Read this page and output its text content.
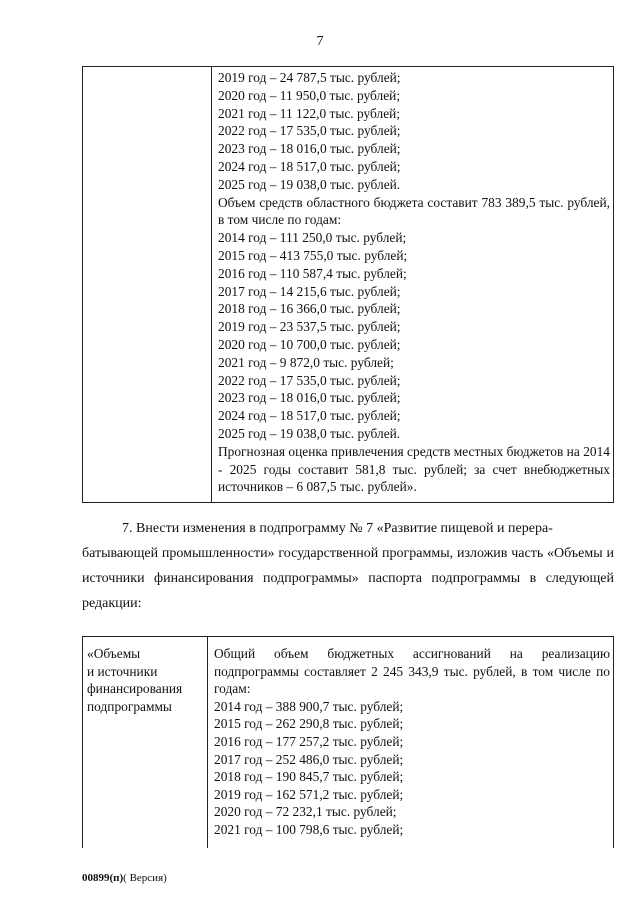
7
2019 год – 24 787,5 тыс. рублей;
2020 год – 11 950,0 тыс. рублей;
2021 год – 11 122,0 тыс. рублей;
2022 год – 17 535,0 тыс. рублей;
2023 год – 18 016,0 тыс. рублей;
2024 год – 18 517,0 тыс. рублей;
2025 год – 19 038,0 тыс. рублей.
Объем средств областного бюджета составит 783 389,5 тыс. рублей, в том числе по годам:
2014 год – 111 250,0 тыс. рублей;
2015 год – 413 755,0 тыс. рублей;
2016 год – 110 587,4 тыс. рублей;
2017 год – 14 215,6 тыс. рублей;
2018 год – 16 366,0 тыс. рублей;
2019 год – 23 537,5 тыс. рублей;
2020 год – 10 700,0 тыс. рублей;
2021 год – 9 872,0 тыс. рублей;
2022 год – 17 535,0 тыс. рублей;
2023 год – 18 016,0 тыс. рублей;
2024 год – 18 517,0 тыс. рублей;
2025 год – 19 038,0 тыс. рублей.
Прогнозная оценка привлечения средств местных бюджетов на 2014 - 2025 годы составит 581,8 тыс. рублей; за счет внебюджетных источников – 6 087,5 тыс. рублей».
7. Внести изменения в подпрограмму № 7 «Развитие пищевой и перера-
батывающей промышленности» государственной программы, изложив часть «Объемы и источники финансирования подпрограммы» паспорта подпрограммы в следующей редакции:
«Объемы
и источники
финансирования
подпрограммы
Общий объем бюджетных ассигнований на реализацию подпрограммы составляет 2 245 343,9 тыс. рублей, в том числе по годам:
2014 год – 388 900,7 тыс. рублей;
2015 год – 262 290,8 тыс. рублей;
2016 год – 177 257,2 тыс. рублей;
2017 год – 252 486,0 тыс. рублей;
2018 год – 190 845,7 тыс. рублей;
2019 год – 162 571,2 тыс. рублей;
2020 год – 72 232,1 тыс. рублей;
2021 год – 100 798,6 тыс. рублей;
00899(п)( Версия)
